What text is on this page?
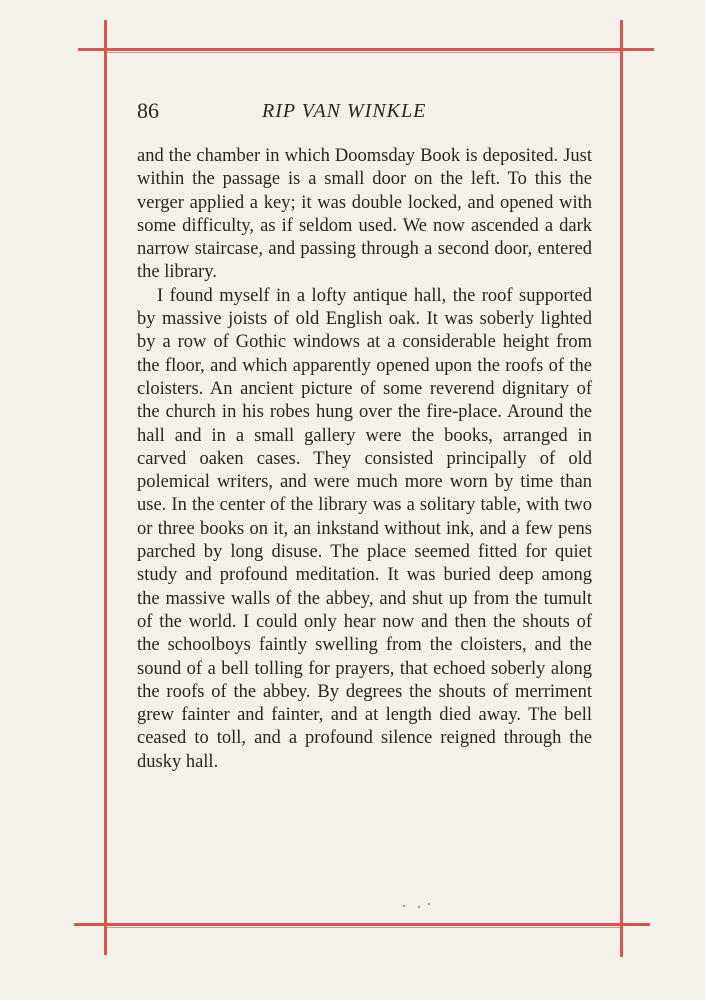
86	RIP VAN WINKLE

and the chamber in which Doomsday Book is deposited. Just within the passage is a small door on the left. To this the verger applied a key; it was double locked, and opened with some difficulty, as if seldom used. We now ascended a dark narrow staircase, and passing through a second door, entered the library.

I found myself in a lofty antique hall, the roof supported by massive joists of old English oak. It was soberly lighted by a row of Gothic windows at a considerable height from the floor, and which apparently opened upon the roofs of the cloisters. An ancient picture of some reverend dignitary of the church in his robes hung over the fire-place. Around the hall and in a small gallery were the books, arranged in carved oaken cases. They consisted principally of old polemical writers, and were much more worn by time than use. In the center of the library was a solitary table, with two or three books on it, an inkstand without ink, and a few pens parched by long disuse. The place seemed fitted for quiet study and profound meditation. It was buried deep among the massive walls of the abbey, and shut up from the tumult of the world. I could only hear now and then the shouts of the schoolboys faintly swelling from the cloisters, and the sound of a bell tolling for prayers, that echoed soberly along the roofs of the abbey. By degrees the shouts of merriment grew fainter and fainter, and at length died away. The bell ceased to toll, and a profound silence reigned through the dusky hall.
